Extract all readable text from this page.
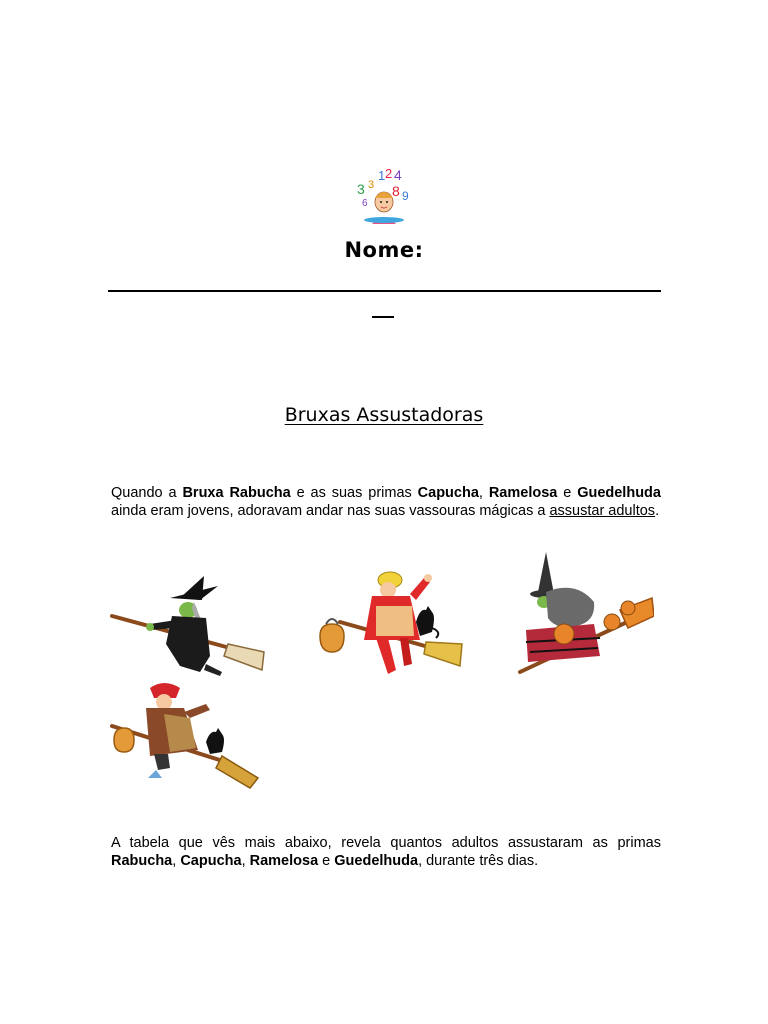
1 2 4
3 3 8 9
6
Nome:
Bruxas Assustadoras
Quando a Bruxa Rabucha e as suas primas Capucha, Ramelosa e Guedelhuda ainda eram jovens, adoravam andar nas suas vassouras mágicas a assustar adultos.
A tabela que vês mais abaixo, revela quantos adultos assustaram as primas Rabucha, Capucha, Ramelosa e Guedelhuda, durante três dias.
